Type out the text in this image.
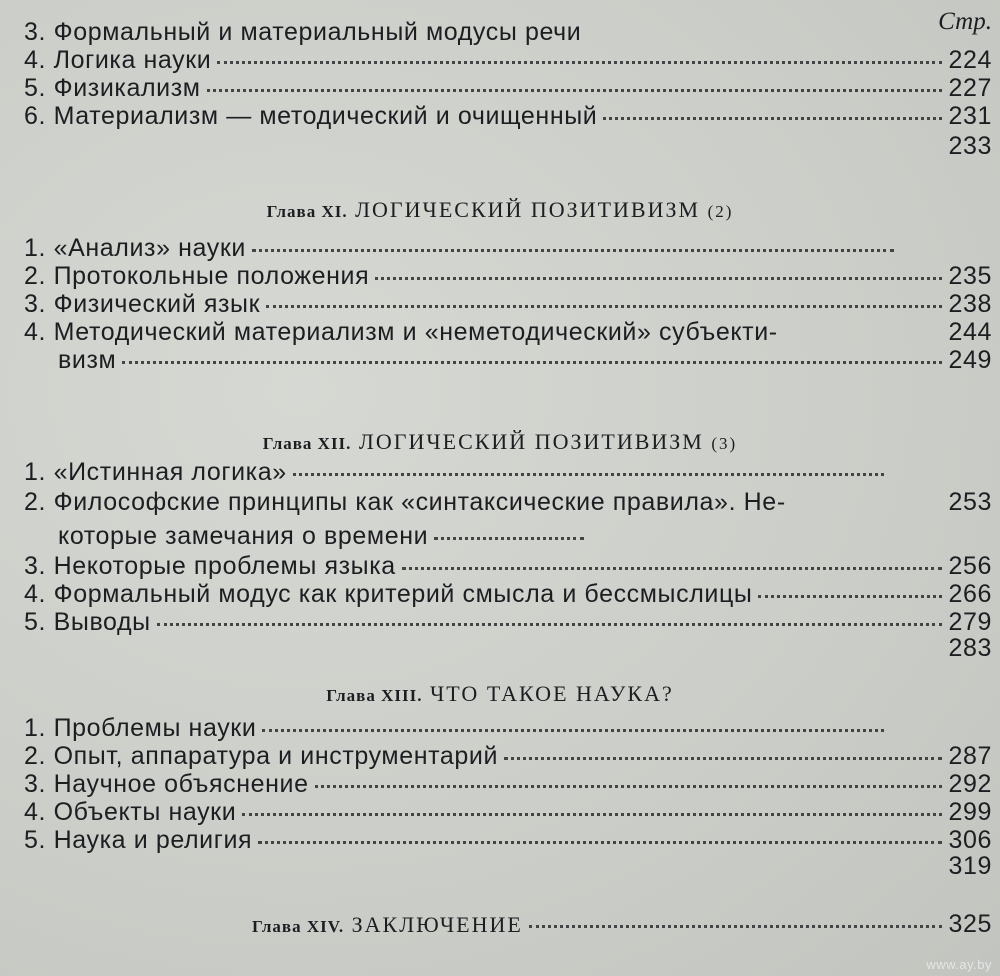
Стр.
3. Формальный и материальный модусы речи
4. Логика науки	224
5. Физикализм	227
6. Материализм — методический и очищенный	231
233
Глава XI. ЛОГИЧЕСКИЙ ПОЗИТИВИЗМ (2)
1. «Анализ» науки
2. Протокольные положения	235
3. Физический язык	238
4. Методический материализм и «неметодический» субъекти-	244
визм	249
Глава XII. ЛОГИЧЕСКИЙ ПОЗИТИВИЗМ (3)
1. «Истинная логика»
2. Философские принципы как «синтаксические правила». Не-	253
которые замечания о времени
3. Некоторые проблемы языка	256
4. Формальный модус как критерий смысла и бессмыслицы	266
5. Выводы	279
283
Глава XIII. ЧТО ТАКОЕ НАУКА?
1. Проблемы науки
2. Опыт, аппаратура и инструментарий	287
3. Научное объяснение	292
4. Объекты науки	299
5. Наука и религия	306
319
Глава XIV. ЗАКЛЮЧЕНИЕ	325
www.ay.by
